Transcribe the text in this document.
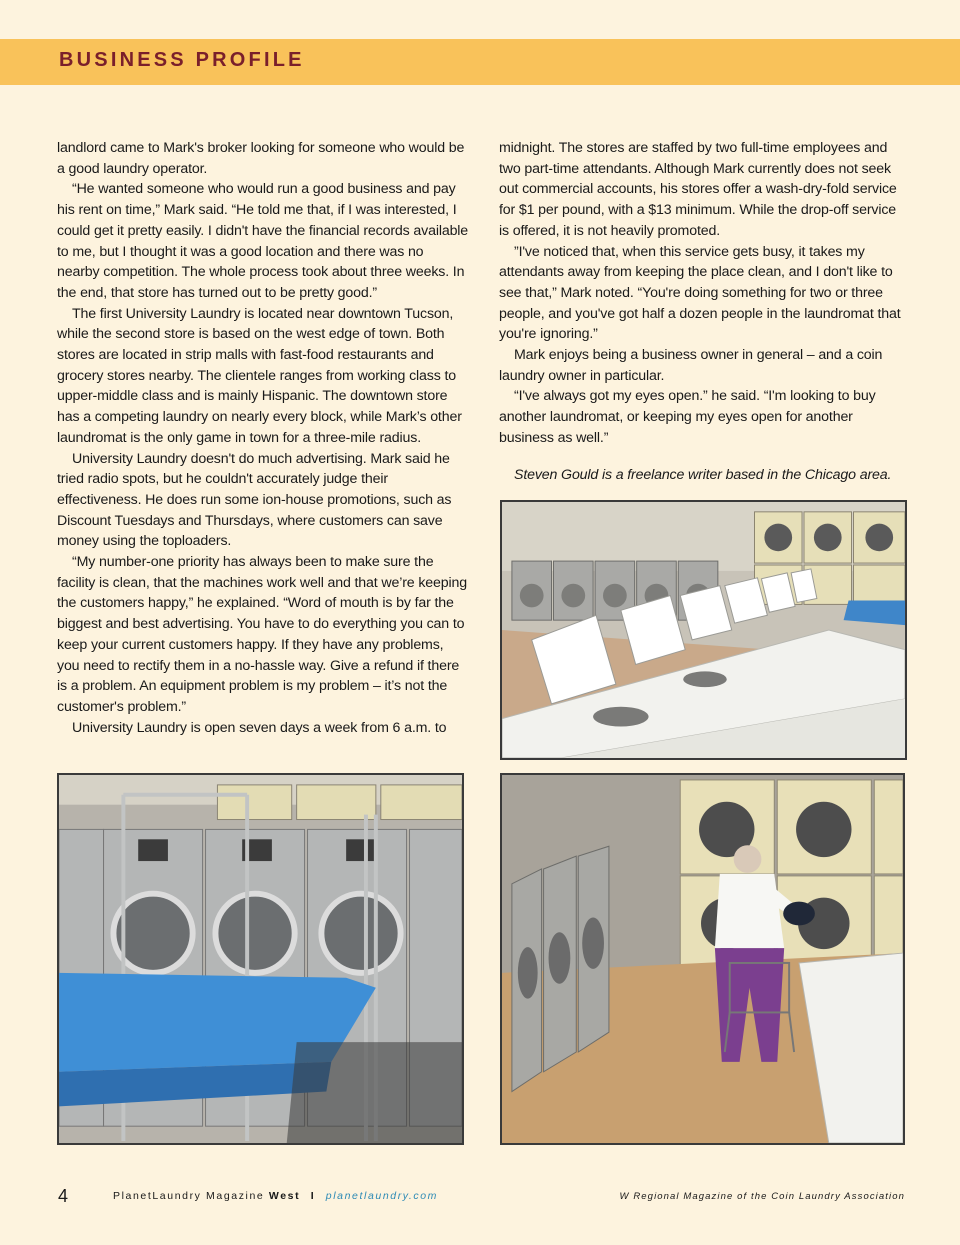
BUSINESS PROFILE

landlord came to Mark's broker looking for someone who would be a good laundry operator.

“He wanted someone who would run a good business and pay his rent on time,” Mark said. “He told me that, if I was interested, I could get it pretty easily. I didn't have the financial records available to me, but I thought it was a good location and there was no nearby competition. The whole process took about three weeks. In the end, that store has turned out to be pretty good.”

The first University Laundry is located near downtown Tucson, while the second store is based on the west edge of town. Both stores are located in strip malls with fast-food restaurants and grocery stores nearby. The clientele ranges from working class to upper-middle class and is mainly Hispanic. The downtown store has a competing laundry on nearly every block, while Mark’s other laundromat is the only game in town for a three-mile radius.

University Laundry doesn't do much advertising. Mark said he tried radio spots, but he couldn't accurately judge their effectiveness. He does run some ion-house promotions, such as Discount Tuesdays and Thursdays, where customers can save money using the toploaders.

“My number-one priority has always been to make sure the facility is clean, that the machines work well and that we’re keeping the customers happy,” he explained. “Word of mouth is by far the biggest and best advertising. You have to do everything you can to keep your current customers happy. If they have any problems, you need to rectify them in a no-hassle way. Give a refund if there is a problem. An equipment problem is my problem – it’s not the customer's problem.”

University Laundry is open seven days a week from 6 a.m. to

midnight. The stores are staffed by two full-time employees and two part-time attendants. Although Mark currently does not seek out commercial accounts, his stores offer a wash-dry-fold service for $1 per pound, with a $13 minimum. While the drop-off service is offered, it is not heavily promoted.

”I've noticed that, when this service gets busy, it takes my attendants away from keeping the place clean, and I don't like to see that,” Mark noted. “You're doing something for two or three people, and you've got half a dozen people in the laundromat that you're ignoring.”

Mark enjoys being a business owner in general – and a coin laundry owner in particular.

“I've always got my eyes open.” he said. “I'm looking to buy another laundromat, or keeping my eyes open for another business as well.”

Steven Gould is a freelance writer based in the Chicago area.

4	PlanetLaundry Magazine West I planetlaundry.com	W Regional Magazine of the Coin Laundry Association
